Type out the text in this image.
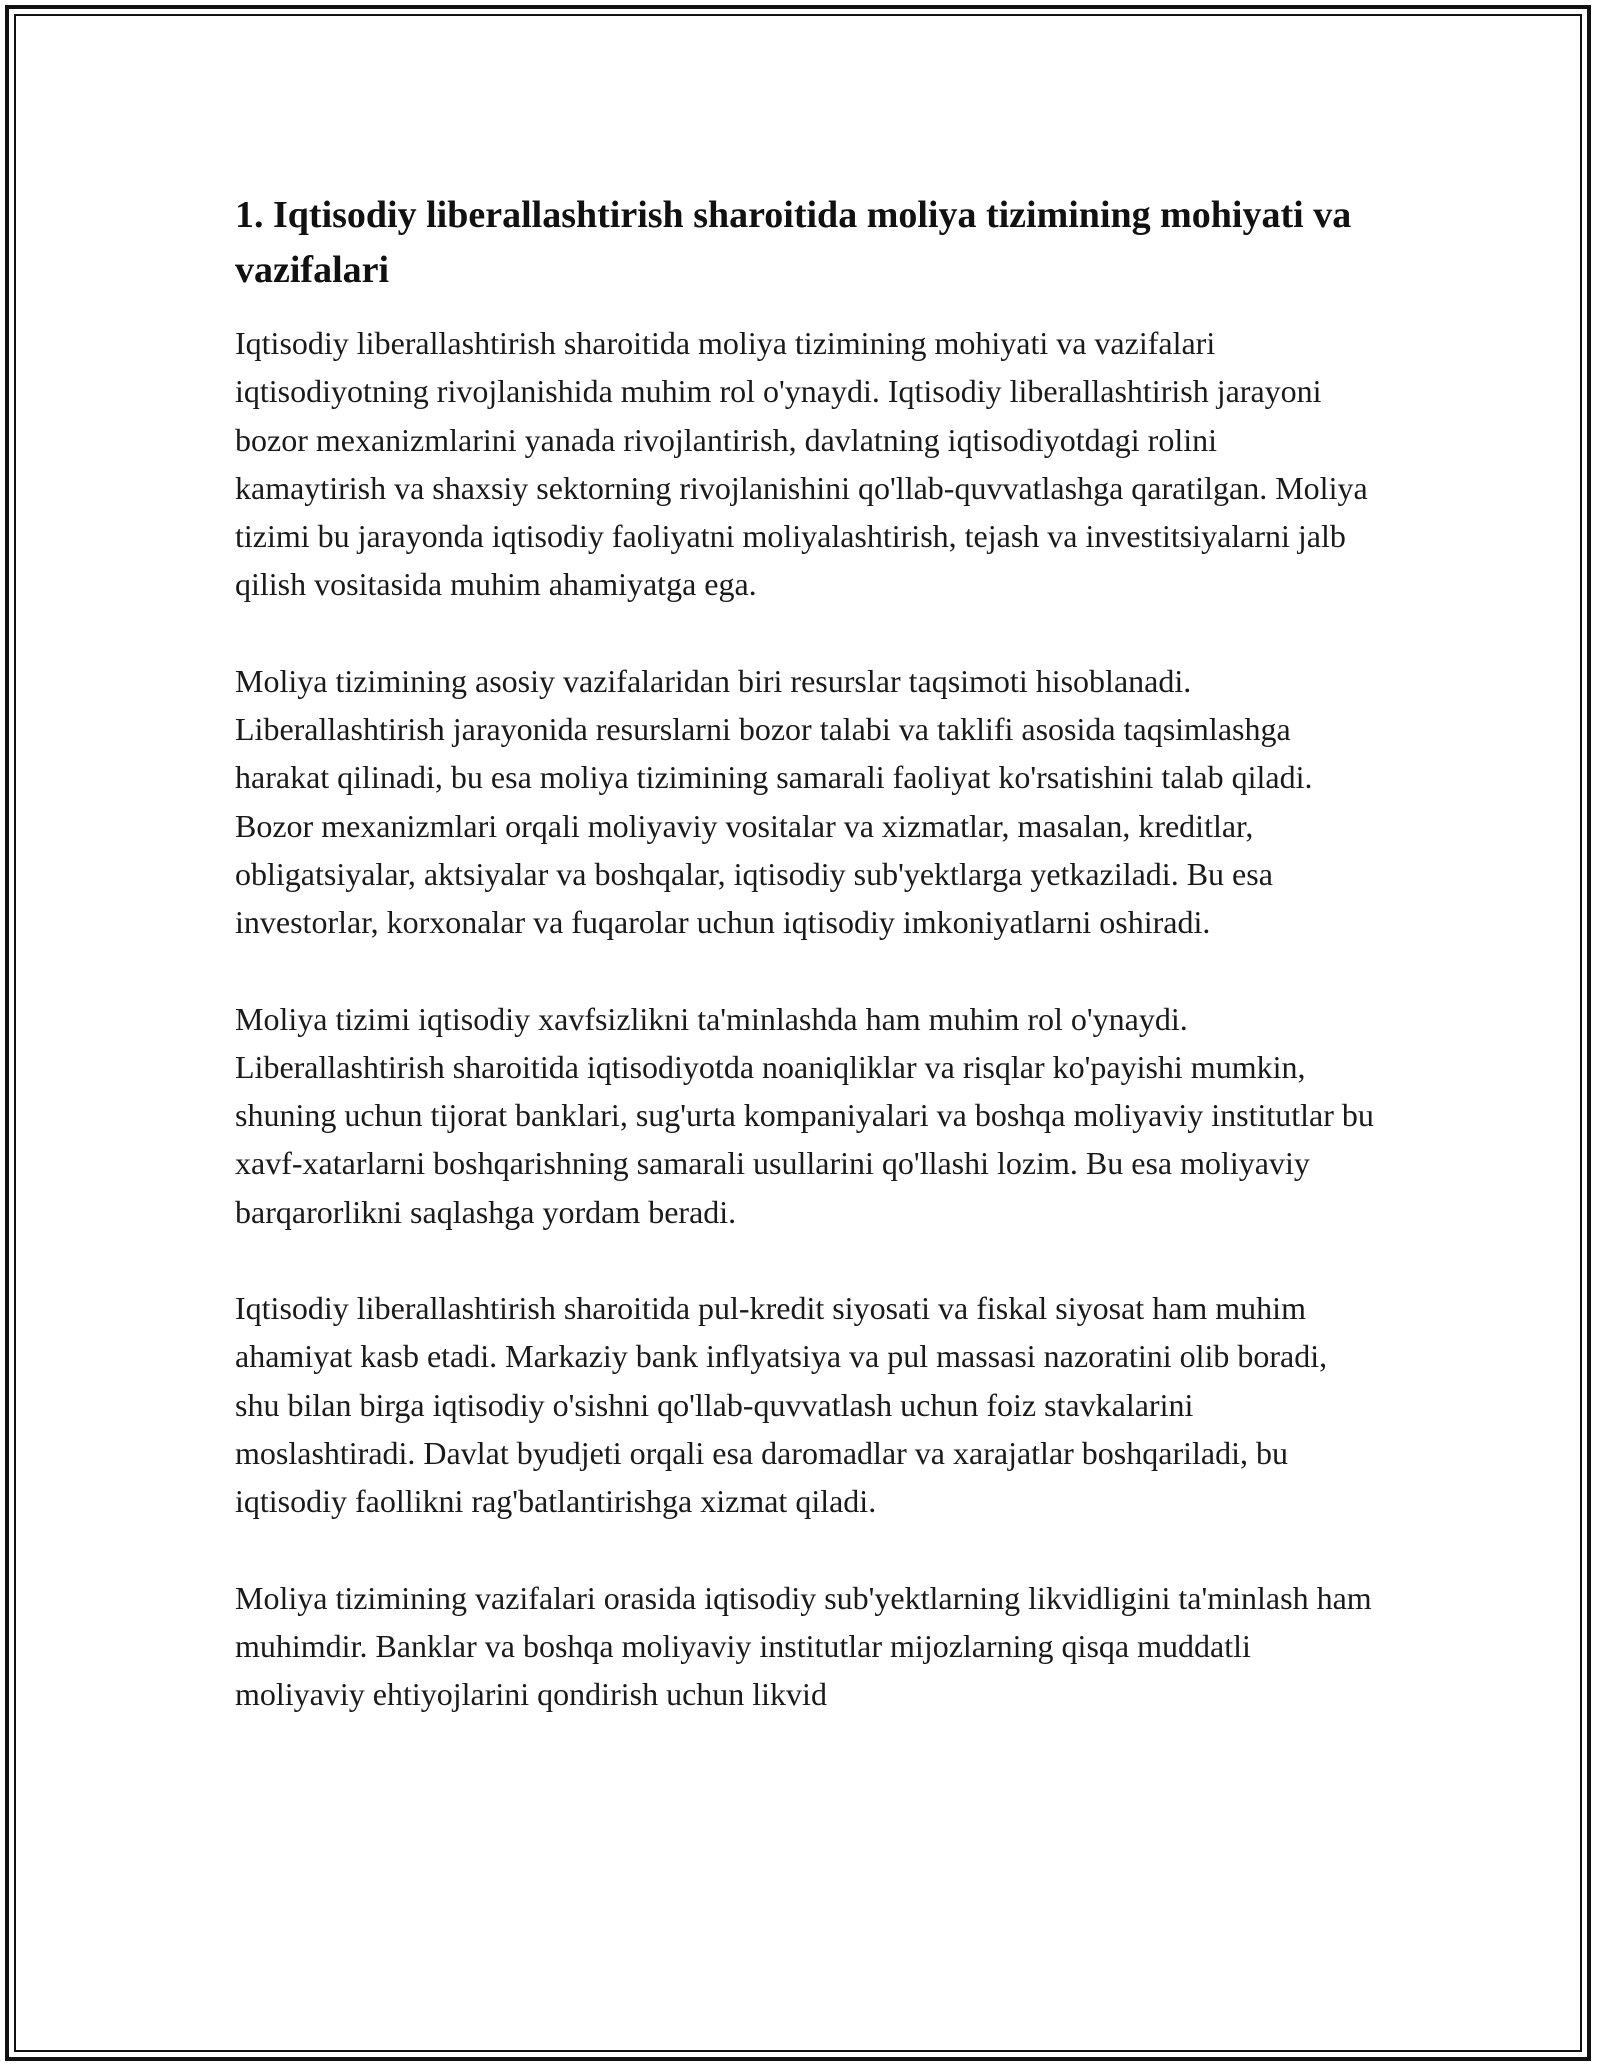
1. Iqtisodiy liberallashtirish sharoitida moliya tizimining mohiyati va vazifalari

Iqtisodiy liberallashtirish sharoitida moliya tizimining mohiyati va vazifalari iqtisodiyotning rivojlanishida muhim rol o'ynaydi. Iqtisodiy liberallashtirish jarayoni bozor mexanizmlarini yanada rivojlantirish, davlatning iqtisodiyotdagi rolini kamaytirish va shaxsiy sektorning rivojlanishini qo'llab-quvvatlashga qaratilgan. Moliya tizimi bu jarayonda iqtisodiy faoliyatni moliyalashtirish, tejash va investitsiyalarni jalb qilish vositasida muhim ahamiyatga ega.

Moliya tizimining asosiy vazifalaridan biri resurslar taqsimoti hisoblanadi. Liberallashtirish jarayonida resurslarni bozor talabi va taklifi asosida taqsimlashga harakat qilinadi, bu esa moliya tizimining samarali faoliyat ko'rsatishini talab qiladi. Bozor mexanizmlari orqali moliyaviy vositalar va xizmatlar, masalan, kreditlar, obligatsiyalar, aktsiyalar va boshqalar, iqtisodiy sub'yektlarga yetkaziladi. Bu esa investorlar, korxonalar va fuqarolar uchun iqtisodiy imkoniyatlarni oshiradi.

Moliya tizimi iqtisodiy xavfsizlikni ta'minlashda ham muhim rol o'ynaydi. Liberallashtirish sharoitida iqtisodiyotda noaniqliklar va risqlar ko'payishi mumkin, shuning uchun tijorat banklari, sug'urta kompaniyalari va boshqa moliyaviy institutlar bu xavf-xatarlarni boshqarishning samarali usullarini qo'llashi lozim. Bu esa moliyaviy barqarorlikni saqlashga yordam beradi.

Iqtisodiy liberallashtirish sharoitida pul-kredit siyosati va fiskal siyosat ham muhim ahamiyat kasb etadi. Markaziy bank inflyatsiya va pul massasi nazoratini olib boradi, shu bilan birga iqtisodiy o'sishni qo'llab-quvvatlash uchun foiz stavkalarini moslashtiradi. Davlat byudjeti orqali esa daromadlar va xarajatlar boshqariladi, bu iqtisodiy faollikni rag'batlantirishga xizmat qiladi.

Moliya tizimining vazifalari orasida iqtisodiy sub'yektlarning likvidligini ta'minlash ham muhimdir. Banklar va boshqa moliyaviy institutlar mijozlarning qisqa muddatli moliyaviy ehtiyojlarini qondirish uchun likvid
